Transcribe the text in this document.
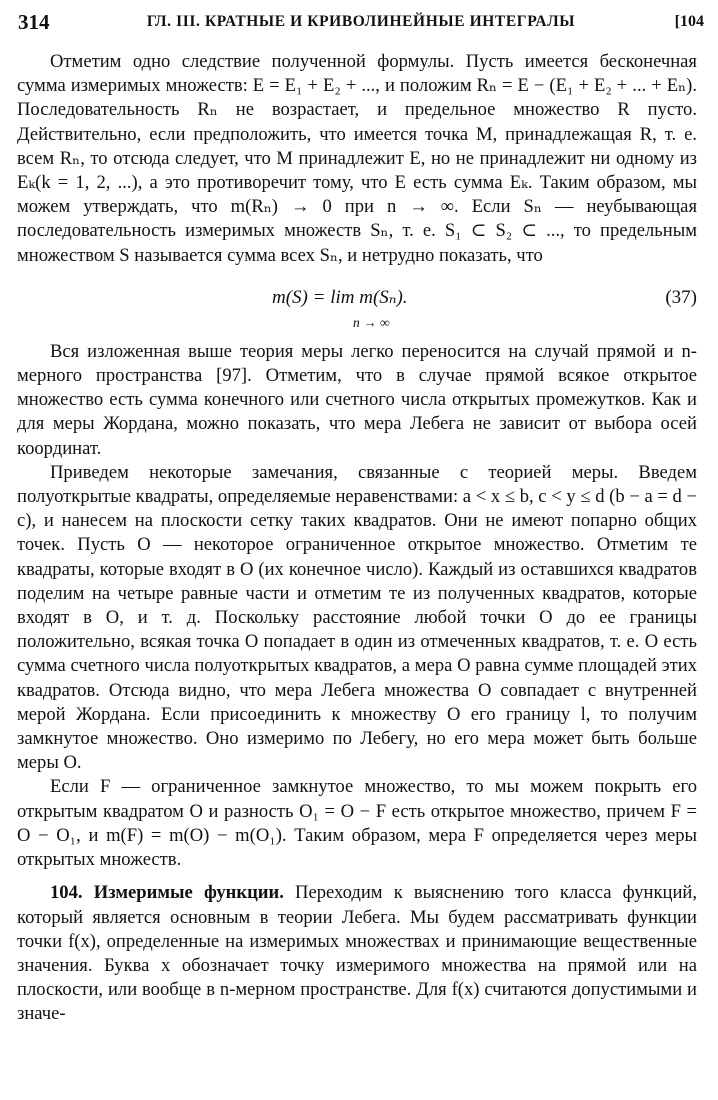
314	ГЛ. III. КРАТНЫЕ И КРИВОЛИНЕЙНЫЕ ИНТЕГРАЛЫ	[104

Отметим одно следствие полученной формулы. Пусть имеется бесконечная сумма измеримых множеств: E = E₁ + E₂ + ..., и положим Rₙ = E − (E₁ + E₂ + ... + Eₙ). Последовательность Rₙ не возрастает, и предельное множество R пусто. Действительно, если предположить, что имеется точка M, принадлежащая R, т. е. всем Rₙ, то отсюда следует, что M принадлежит E, но не принадлежит ни одному из Eₖ(k = 1, 2, ...), а это противоречит тому, что E есть сумма Eₖ. Таким образом, мы можем утверждать, что m(Rₙ) → 0 при n → ∞. Если Sₙ — неубывающая последовательность измеримых множеств Sₙ, т. е. S₁ ⊂ S₂ ⊂ ..., то предельным множеством S называется сумма всех Sₙ, и нетрудно показать, что

m(S) = lim m(Sₙ).
n → ∞
(37)

Вся изложенная выше теория меры легко переносится на случай прямой и n-мерного пространства [97]. Отметим, что в случае прямой всякое открытое множество есть сумма конечного или счетного числа открытых промежутков. Как и для меры Жордана, можно показать, что мера Лебега не зависит от выбора осей координат.

Приведем некоторые замечания, связанные с теорией меры. Введем полуоткрытые квадраты, определяемые неравенствами: a < x ≤ b, c < y ≤ d (b − a = d − c), и нанесем на плоскости сетку таких квадратов. Они не имеют попарно общих точек. Пусть O — некоторое ограниченное открытое множество. Отметим те квадраты, которые входят в O (их конечное число). Каждый из оставшихся квадратов поделим на четыре равные части и отметим те из полученных квадратов, которые входят в O, и т. д. Поскольку расстояние любой точки O до ее границы положительно, всякая точка O попадает в один из отмеченных квадратов, т. е. O есть сумма счетного числа полуоткрытых квадратов, а мера O равна сумме площадей этих квадратов. Отсюда видно, что мера Лебега множества O совпадает с внутренней мерой Жордана. Если присоединить к множеству O его границу l, то получим замкнутое множество. Оно измеримо по Лебегу, но его мера может быть больше меры O.

Если F — ограниченное замкнутое множество, то мы можем покрыть его открытым квадратом O и разность O₁ = O − F есть открытое множество, причем F = O − O₁, и m(F) = m(O) − m(O₁). Таким образом, мера F определяется через меры открытых множеств.

104. Измеримые функции. Переходим к выяснению того класса функций, который является основным в теории Лебега. Мы будем рассматривать функции точки f(x), определенные на измеримых множествах и принимающие вещественные значения. Буква x обозначает точку измеримого множества на прямой или на плоскости, или вообще в n-мерном пространстве. Для f(x) считаются допустимыми и значе-
